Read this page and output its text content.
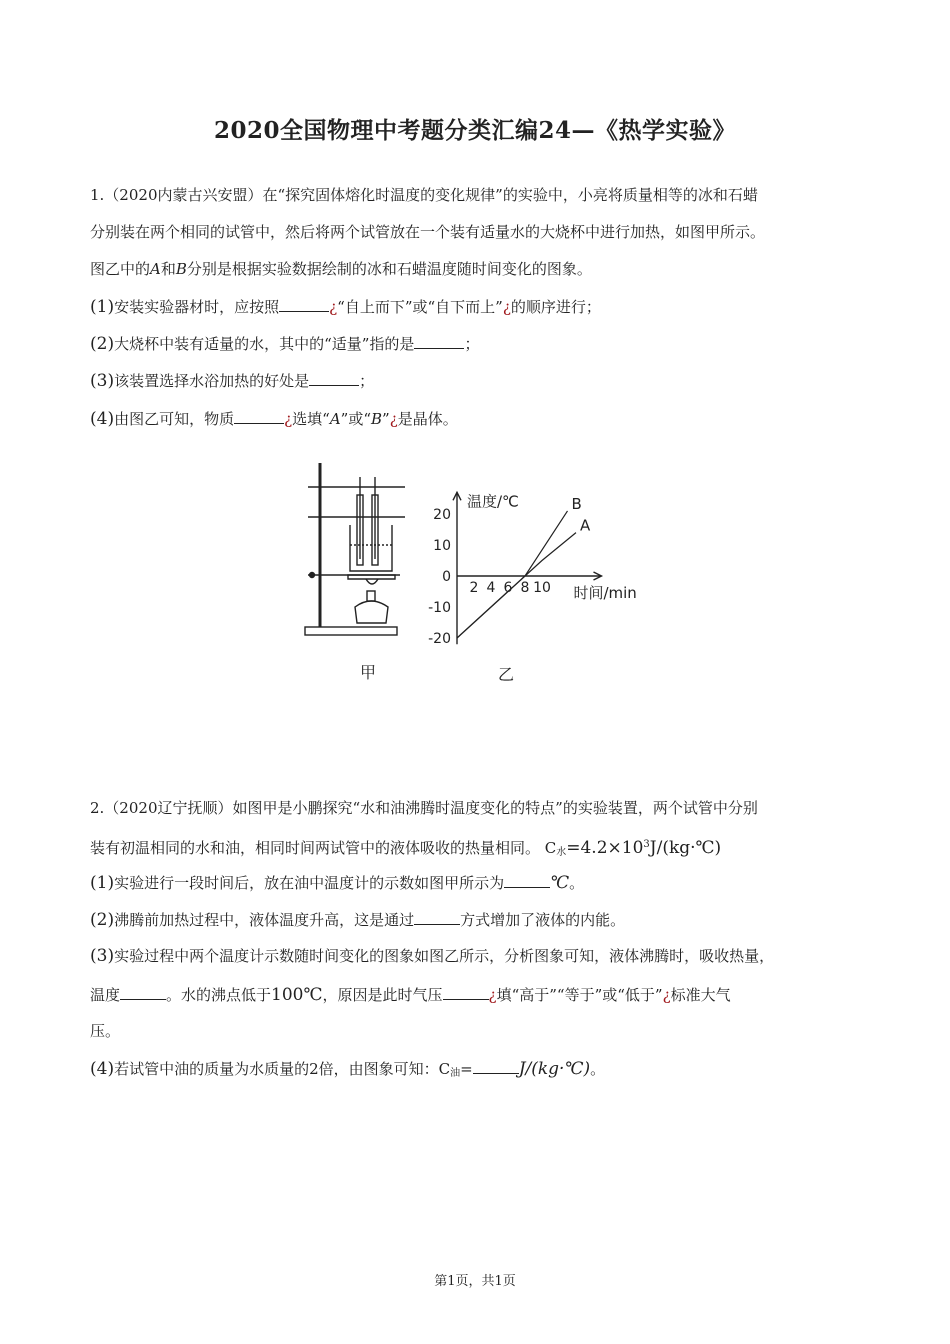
2020全国物理中考题分类汇编24—《热学实验》
1.（2020内蒙古兴安盟）在“探究固体熔化时温度的变化规律”的实验中，小亮将质量相等的冰和石蜡
分别装在两个相同的试管中，然后将两个试管放在一个装有适量水的大烧杯中进行加热，如图甲所示。
图乙中的A和B分别是根据实验数据绘制的冰和石蜡温度随时间变化的图象。
(1)安装实验器材时，应按照	¿“自上而下”或“自下而上”¿的顺序进行；
(2)大烧杯中装有适量的水，其中的“适量”指的是	；
(3)该装置选择水浴加热的好处是	；
(4)由图乙可知，物质	¿选填“A”或“B”¿是晶体。
温度/℃
时间/min
20
10
0
-10
-20
2 4 6 8 10
B
A
甲	乙
2.（2020辽宁抚顺）如图甲是小鹏探究“水和油沸腾时温度变化的特点”的实验装置，两个试管中分别
装有初温相同的水和油，相同时间两试管中的液体吸收的热量相同。 $C_水=4.2\times 10^3J/(kg\cdot℃)$
(1)实验进行一段时间后，放在油中温度计的示数如图甲所示为	℃。
(2)沸腾前加热过程中，液体温度升高，这是通过	方式增加了液体的内能。
(3)实验过程中两个温度计示数随时间变化的图象如图乙所示，分析图象可知，液体沸腾时，吸收热量，
温度	。水的沸点低于100℃，原因是此时气压	¿填“高于”“等于”或“低于”¿标准大气
压。
(4)若试管中油的质量为水质量的2倍，由图象可知：$C_油=$	J/(kg·℃)。
第1页，共1页
